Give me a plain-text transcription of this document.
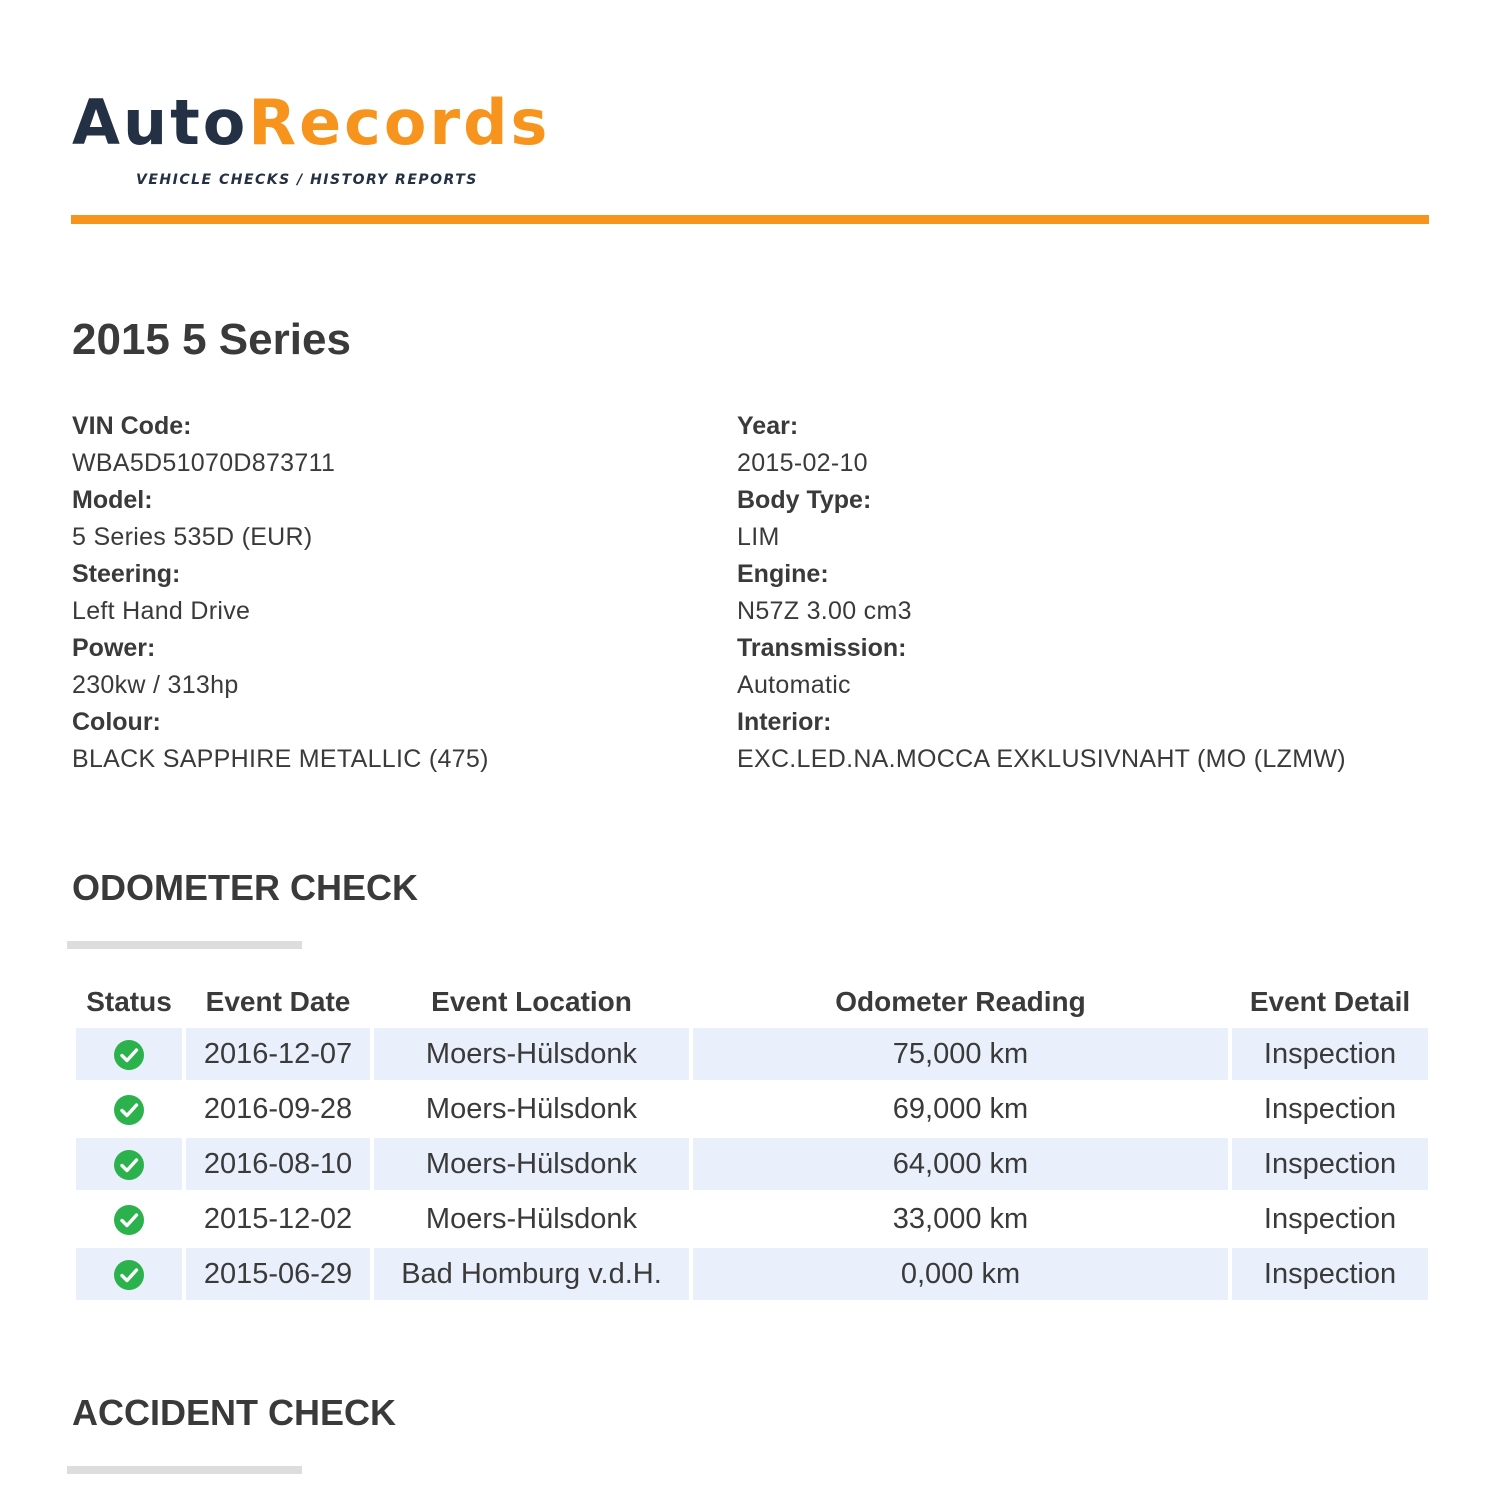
AutoRecords
VEHICLE CHECKS / HISTORY REPORTS
2015 5 Series
VIN Code:
WBA5D51070D873711
Model:
5 Series 535D (EUR)
Steering:
Left Hand Drive
Power:
230kw / 313hp
Colour:
BLACK SAPPHIRE METALLIC (475)
Year:
2015-02-10
Body Type:
LIM
Engine:
N57Z 3.00 cm3
Transmission:
Automatic
Interior:
EXC.LED.NA.MOCCA EXKLUSIVNAHT (MO (LZMW)
ODOMETER CHECK
Status	Event Date	Event Location	Odometer Reading	Event Detail
	2016-12-07	Moers-Hülsdonk	75,000 km	Inspection
	2016-09-28	Moers-Hülsdonk	69,000 km	Inspection
	2016-08-10	Moers-Hülsdonk	64,000 km	Inspection
	2015-12-02	Moers-Hülsdonk	33,000 km	Inspection
	2015-06-29	Bad Homburg v.d.H.	0,000 km	Inspection
ACCIDENT CHECK
